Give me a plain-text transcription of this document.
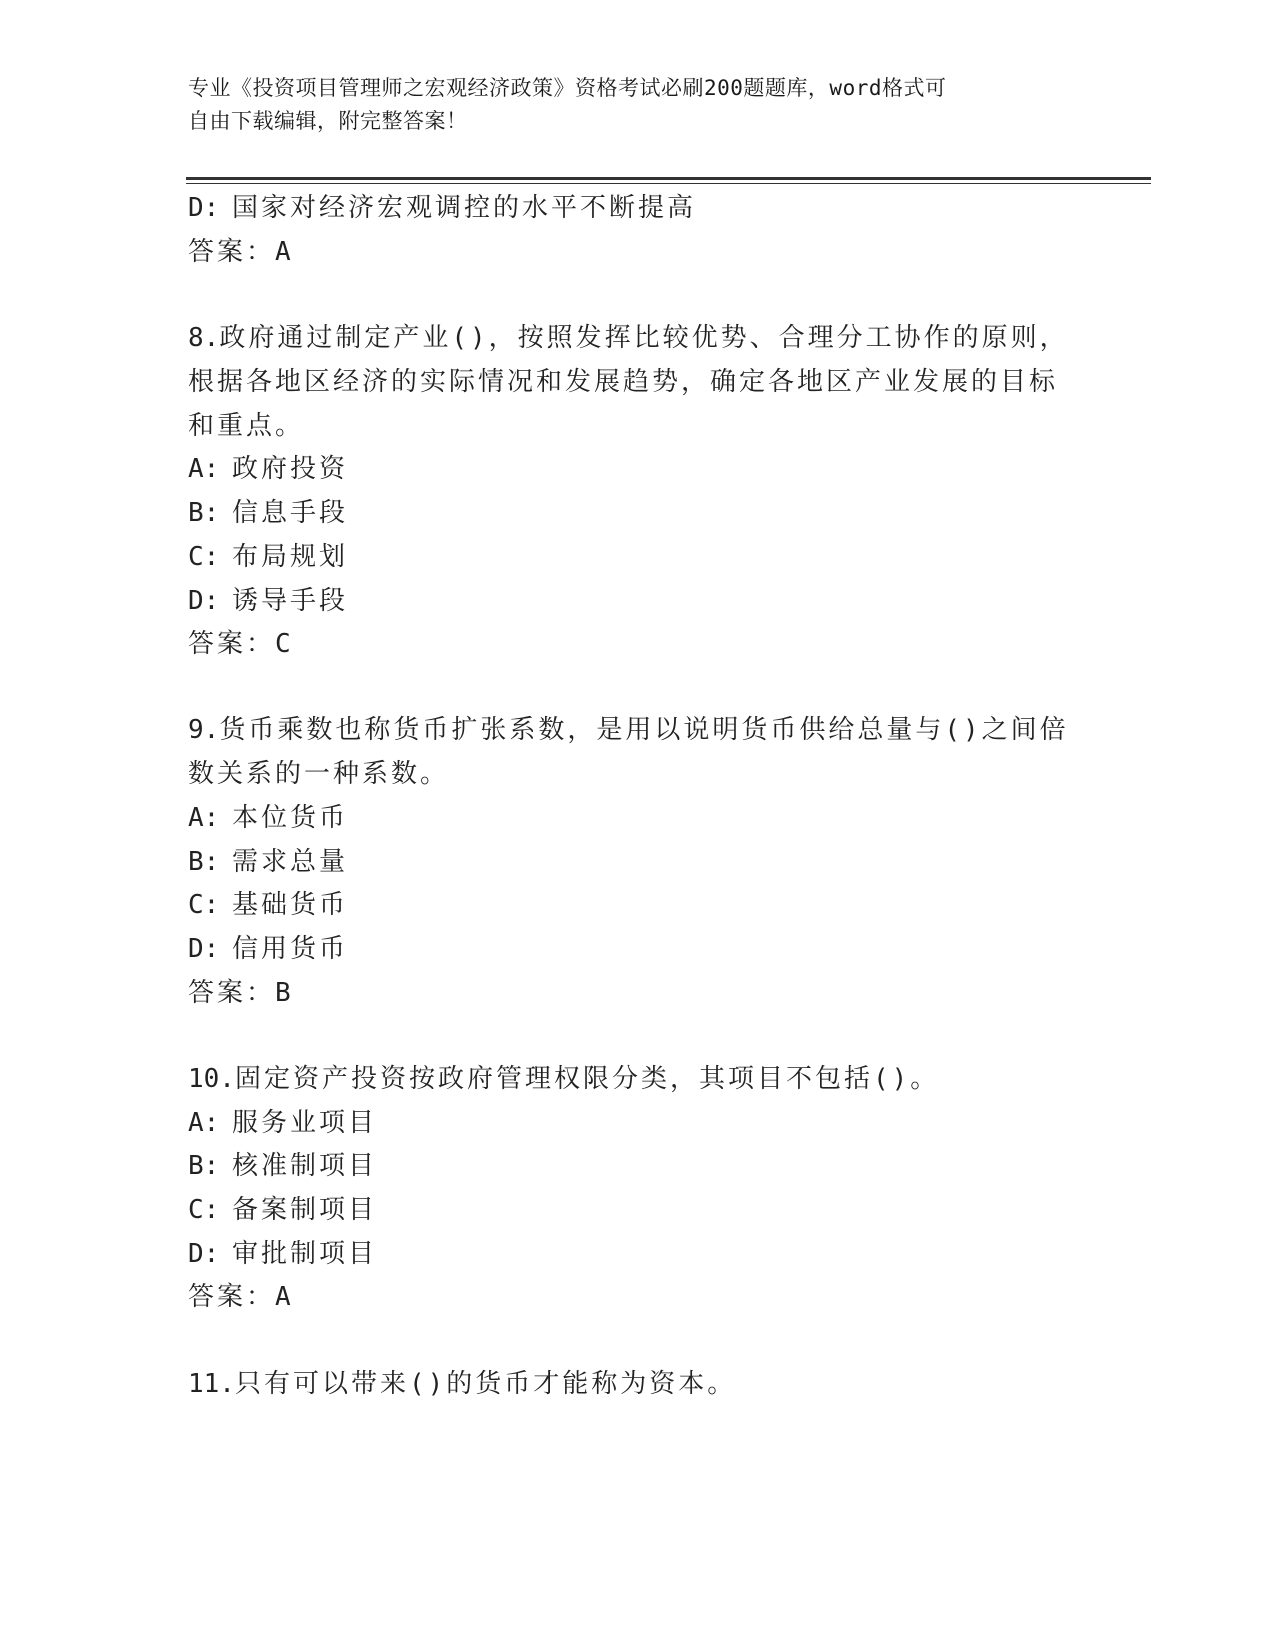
专业《投资项目管理师之宏观经济政策》资格考试必刷200题题库，word格式可
自由下载编辑，附完整答案！
D: 国家对经济宏观调控的水平不断提高
答案：A
8.政府通过制定产业()，按照发挥比较优势、合理分工协作的原则，
根据各地区经济的实际情况和发展趋势，确定各地区产业发展的目标
和重点。
A: 政府投资
B: 信息手段
C: 布局规划
D: 诱导手段
答案：C
9.货币乘数也称货币扩张系数，是用以说明货币供给总量与()之间倍
数关系的一种系数。
A: 本位货币
B: 需求总量
C: 基础货币
D: 信用货币
答案：B
10.固定资产投资按政府管理权限分类，其项目不包括()。
A: 服务业项目
B: 核准制项目
C: 备案制项目
D: 审批制项目
答案：A
11.只有可以带来()的货币才能称为资本。
